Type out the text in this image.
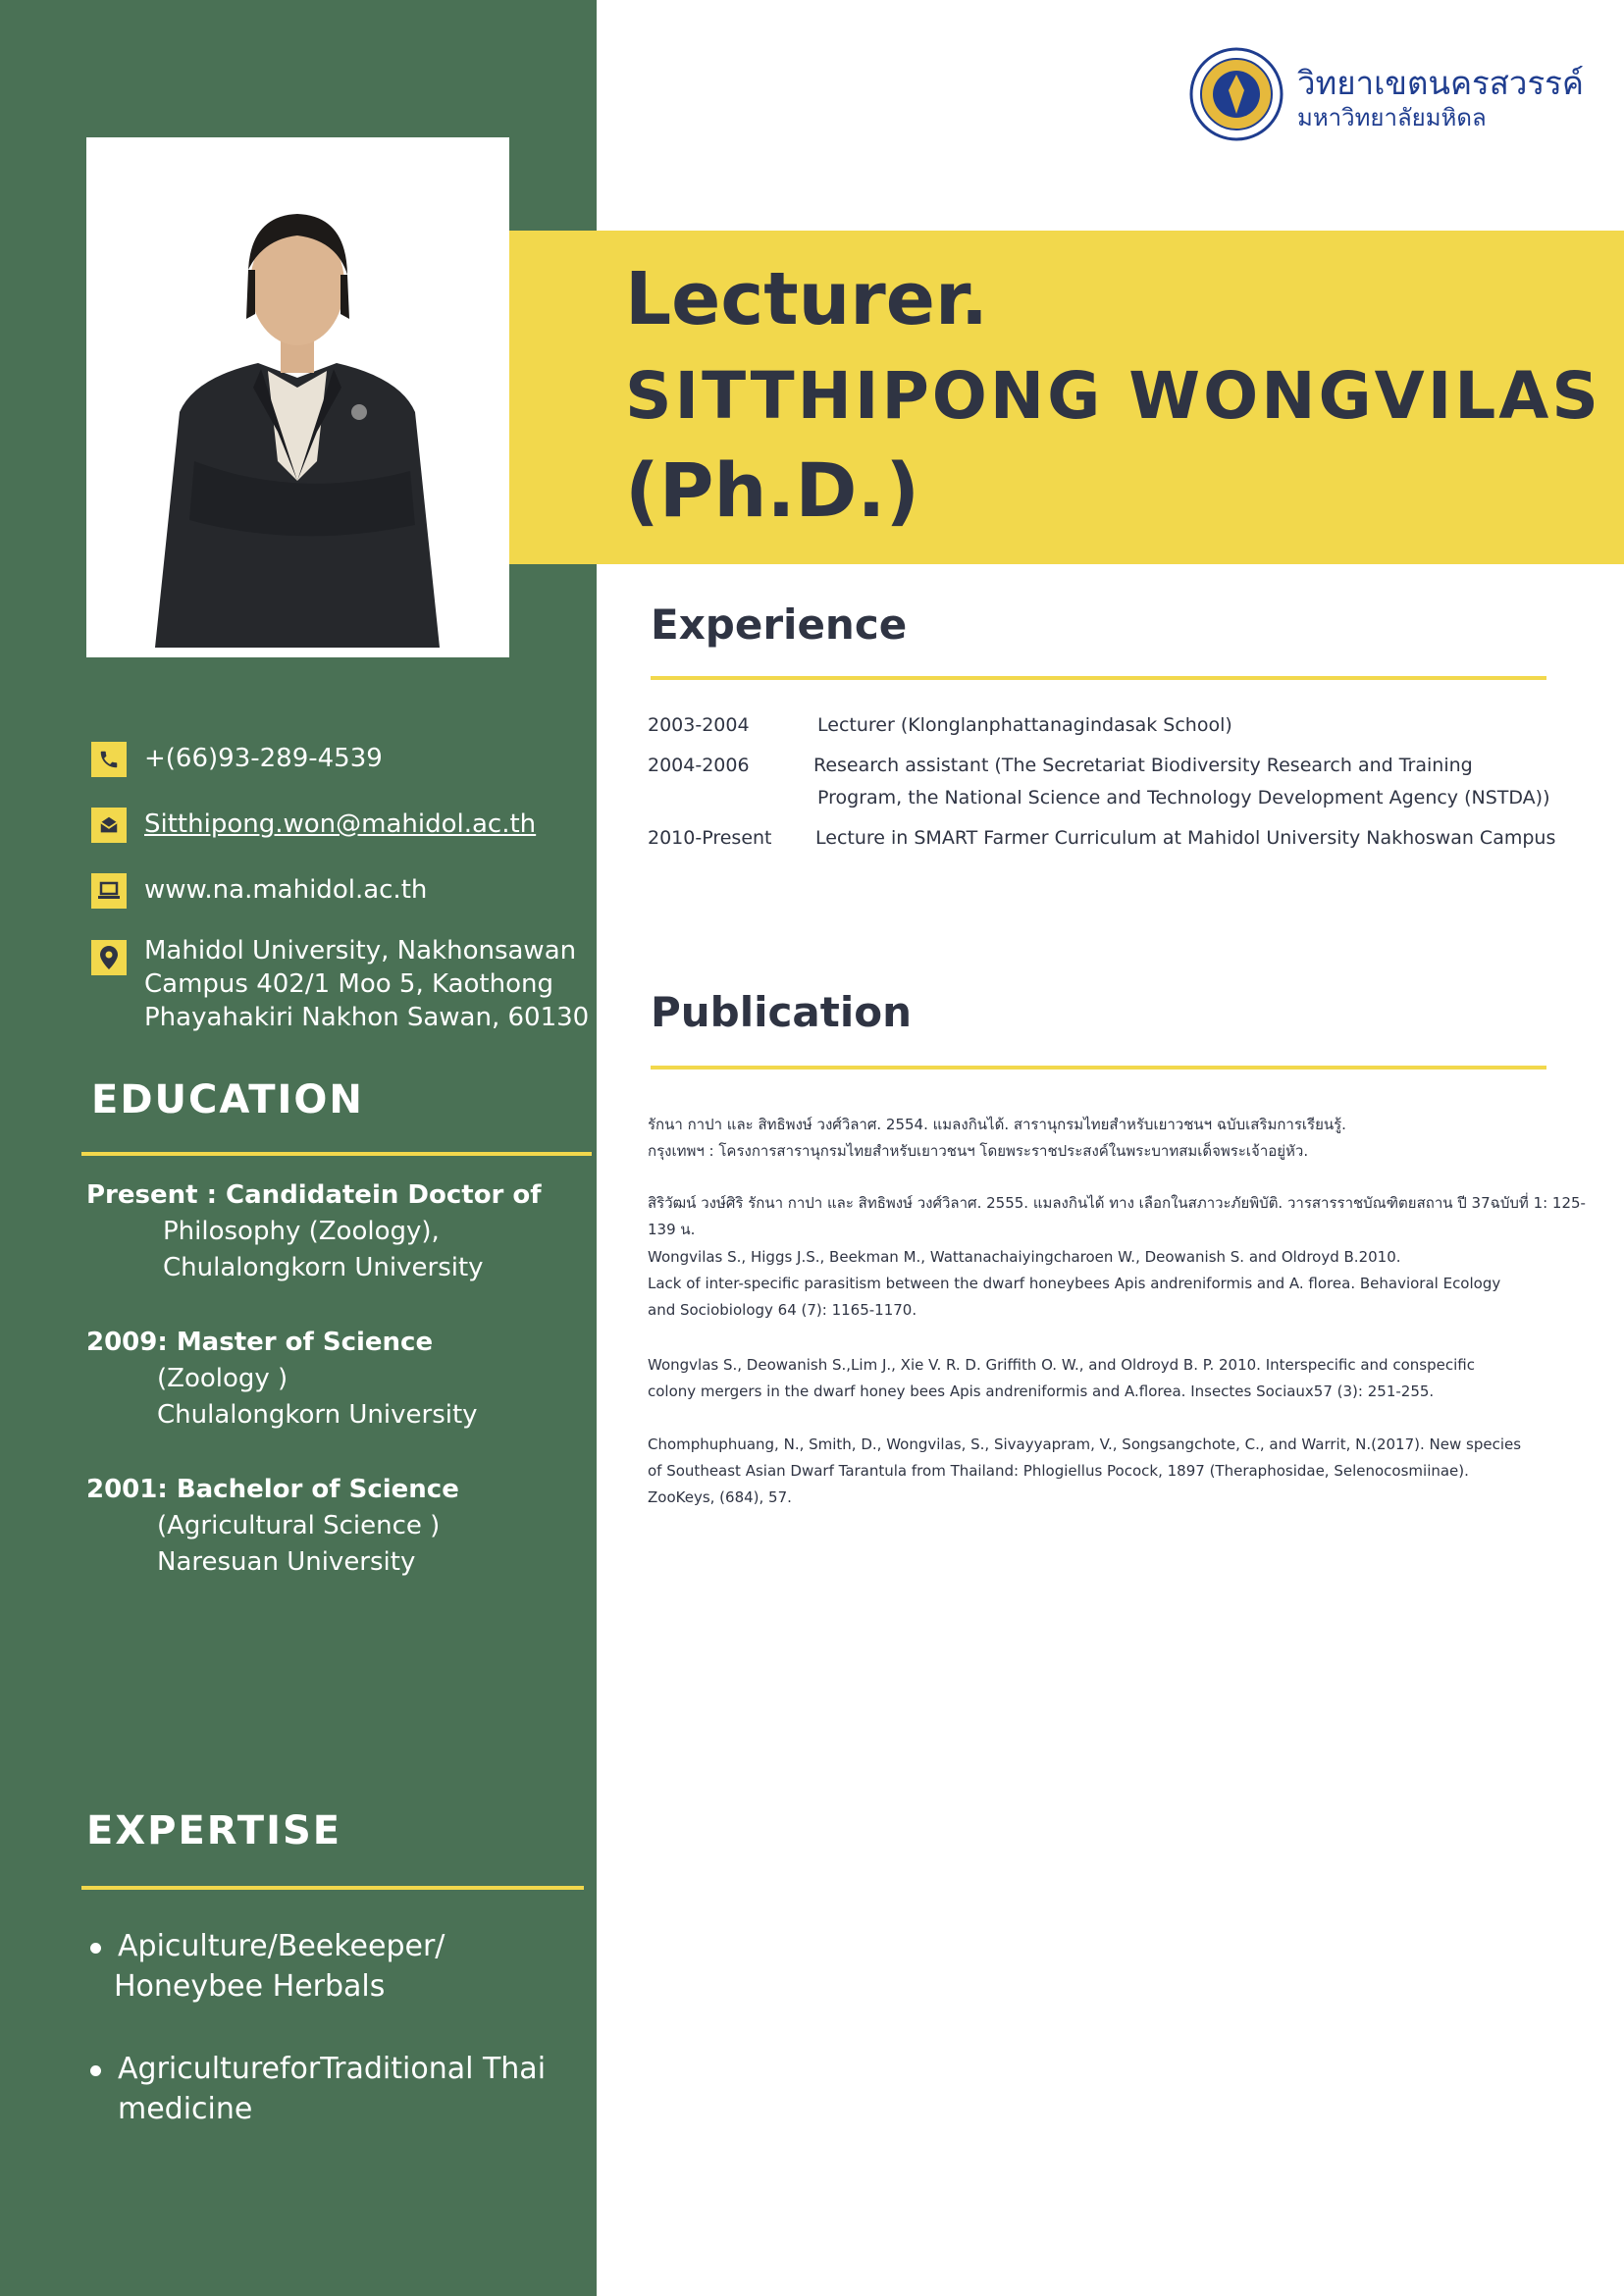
วิทยาเขตนครสวรรค์
มหาวิทยาลัยมหิดล
Lecturer.
SITTHIPONG WONGVILAS
(Ph.D.)
+(66)93-289-4539
Sitthipong.won@mahidol.ac.th
www.na.mahidol.ac.th
Mahidol University, Nakhonsawan
Campus 402/1 Moo 5, Kaothong
Phayahakiri Nakhon Sawan, 60130
EDUCATION
Present : Candidatein Doctor of
Philosophy (Zoology),
Chulalongkorn University
2009: Master of Science
(Zoology )
Chulalongkorn University
2001: Bachelor of Science
(Agricultural Science )
Naresuan University
EXPERTISE
Apiculture/Beekeeper/
Honeybee Herbals
AgricultureforTraditional Thai
medicine
Experience
2003-2004	Lecturer (Klonglanphattanagindasak School)
2004-2006	Research assistant (The Secretariat Biodiversity Research and Training
Program, the National Science and Technology Development Agency (NSTDA))
2010-Present Lecture in SMART Farmer Curriculum at Mahidol University Nakhoswan Campus
Publication
รักนา กาปา และ สิทธิพงษ์ วงศ์วิลาศ. 2554. แมลงกินได้. สารานุกรมไทยสำหรับเยาวชนฯ ฉบับเสริมการเรียนรู้.
กรุงเทพฯ : โครงการสารานุกรมไทยสำหรับเยาวชนฯ โดยพระราชประสงค์ในพระบาทสมเด็จพระเจ้าอยู่หัว.
สิริวัฒน์ วงษ์ศิริ รักนา กาปา และ สิทธิพงษ์ วงศ์วิลาศ. 2555. แมลงกินได้ ทาง เลือกในสภาวะภัยพิบัติ. วารสารราชบัณฑิตยสถาน ปี 37ฉบับที่ 1: 125-139 น.
Wongvilas S., Higgs J.S., Beekman M., Wattanachaiyingcharoen W., Deowanish S. and Oldroyd B.2010.
Lack of inter-specific parasitism between the dwarf honeybees Apis andreniformis and A. florea. Behavioral Ecology
and Sociobiology 64 (7): 1165-1170.
Wongvlas S., Deowanish S.,Lim J., Xie V. R. D. Griffith O. W., and Oldroyd B. P. 2010. Interspecific and conspecific
colony mergers in the dwarf honey bees Apis andreniformis and A.florea. Insectes Sociaux57 (3): 251-255.
Chomphuphuang, N., Smith, D., Wongvilas, S., Sivayyapram, V., Songsangchote, C., and Warrit, N.(2017). New species
of Southeast Asian Dwarf Tarantula from Thailand: Phlogiellus Pocock, 1897 (Theraphosidae, Selenocosmiinae).
ZooKeys, (684), 57.
